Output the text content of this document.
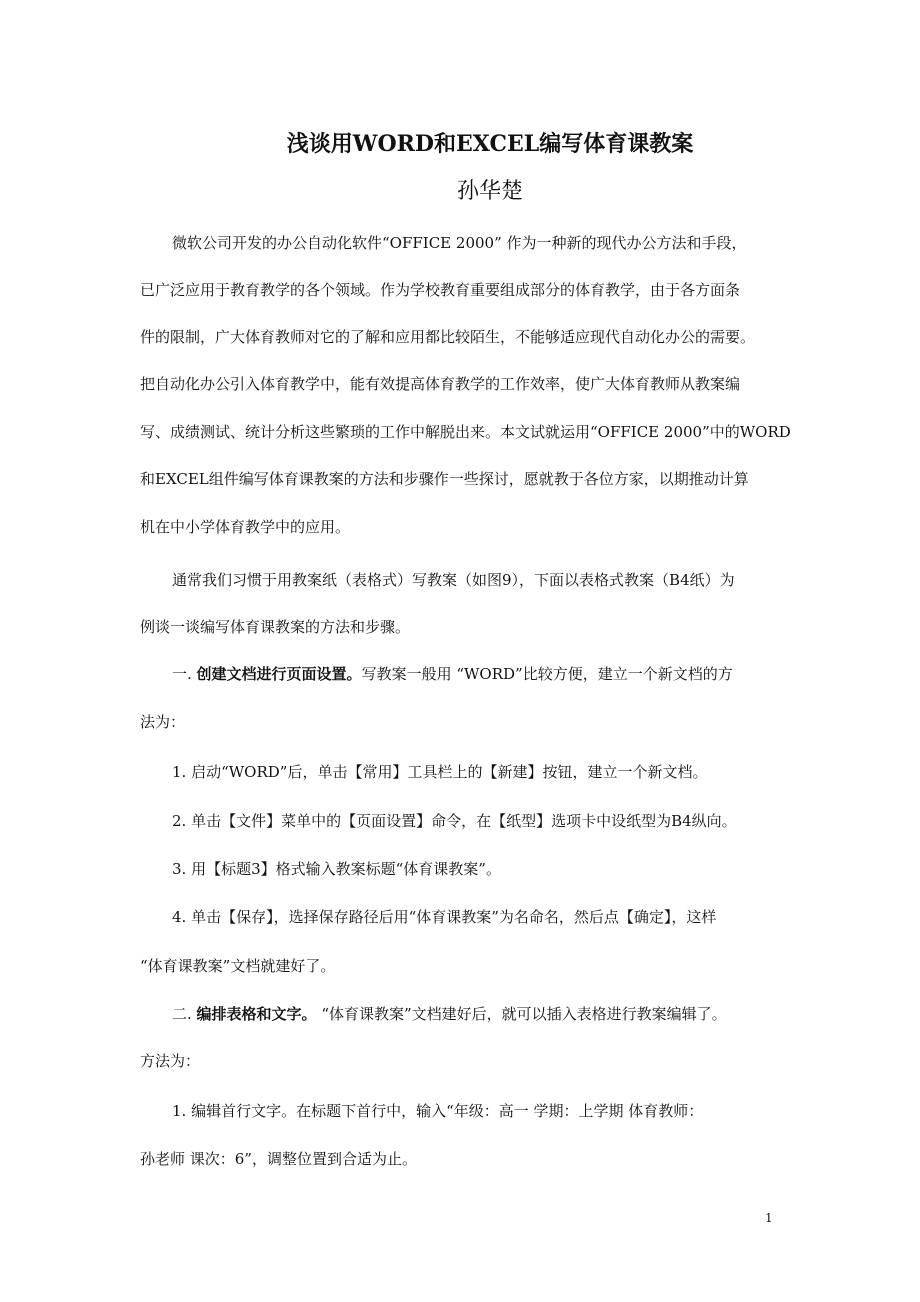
浅谈用WORD和EXCEL编写体育课教案
孙华楚
微软公司开发的办公自动化软件“OFFICE 2000” 作为一种新的现代办公方法和手段，
已广泛应用于教育教学的各个领域。作为学校教育重要组成部分的体育教学，由于各方面条
件的限制，广大体育教师对它的了解和应用都比较陌生，不能够适应现代自动化办公的需要。
把自动化办公引入体育教学中，能有效提高体育教学的工作效率，使广大体育教师从教案编
写、成绩测试、统计分析这些繁琐的工作中解脱出来。本文试就运用“OFFICE 2000”中的WORD
和EXCEL组件编写体育课教案的方法和步骤作一些探讨，愿就教于各位方家，以期推动计算
机在中小学体育教学中的应用。
通常我们习惯于用教案纸（表格式）写教案（如图9），下面以表格式教案（B4纸）为
例谈一谈编写体育课教案的方法和步骤。
一. 创建文档进行页面设置。写教案一般用 “WORD”比较方便，建立一个新文档的方
法为：
1. 启动“WORD”后，单击【常用】工具栏上的【新建】按钮，建立一个新文档。
2. 单击【文件】菜单中的【页面设置】命令，在【纸型】选项卡中设纸型为B4纵向。
3. 用【标题3】格式输入教案标题“体育课教案”。
4. 单击【保存】，选择保存路径后用“体育课教案”为名命名，然后点【确定】，这样
“体育课教案”文档就建好了。
二. 编排表格和文字。 “体育课教案”文档建好后，就可以插入表格进行教案编辑了。
方法为：
1. 编辑首行文字。在标题下首行中，输入“年级：高一 学期：上学期 体育教师：
孙老师 课次：6”，调整位置到合适为止。
1
